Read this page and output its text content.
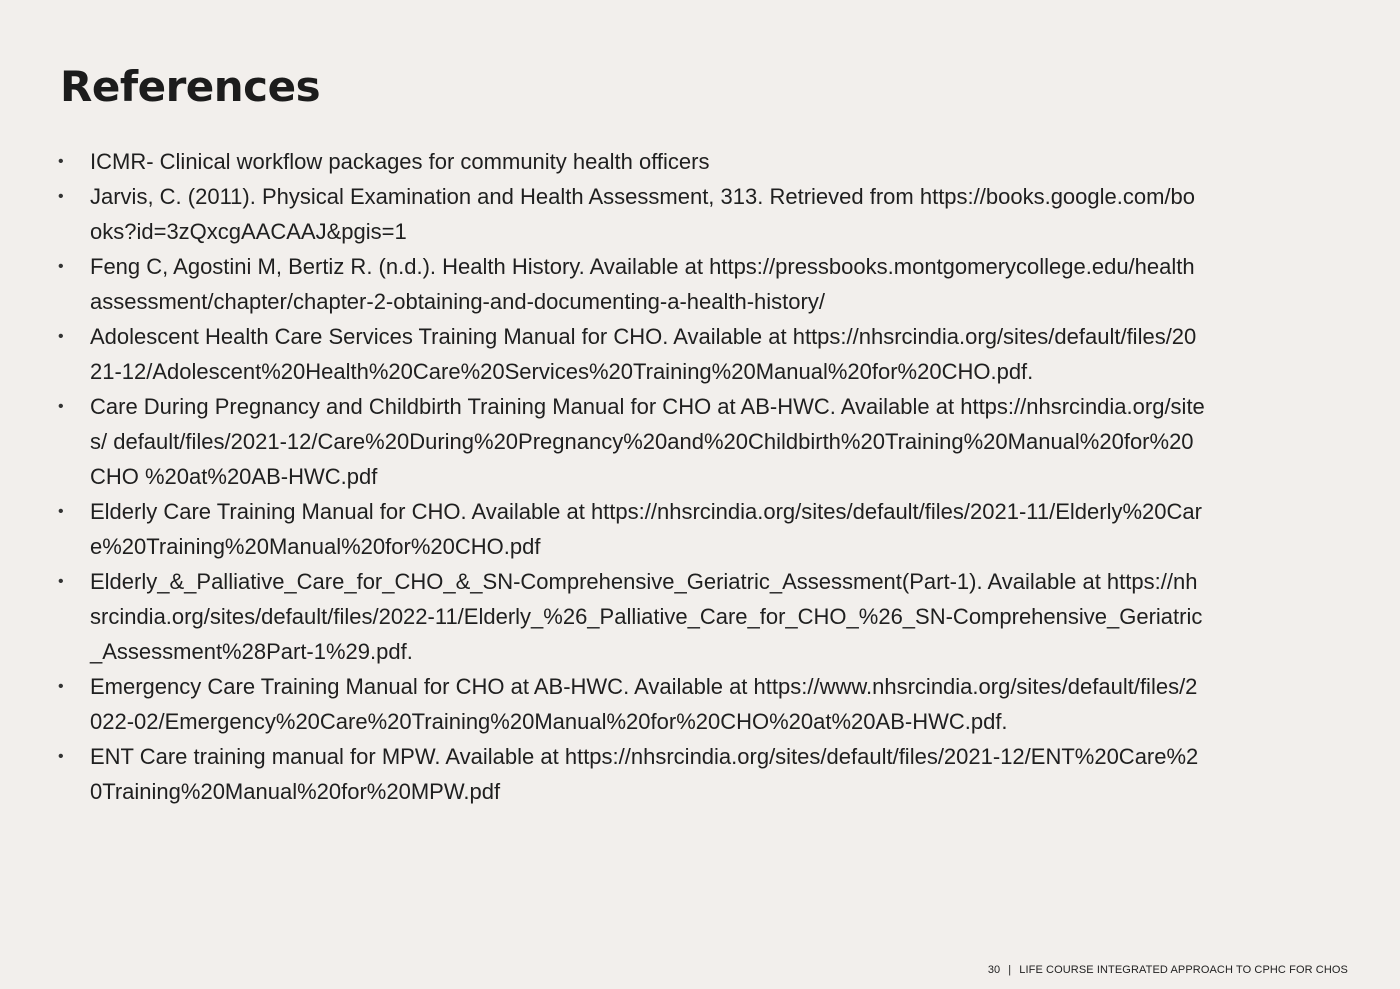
References
• ICMR- Clinical workflow packages for community health officers
• Jarvis, C. (2011). Physical Examination and Health Assessment, 313. Retrieved from https://books.google.com/books?id=3zQxcgAACAAJ&pgis=1
• Feng C, Agostini M, Bertiz R. (n.d.). Health History. Available at https://pressbooks.montgomerycollege.edu/healthassessment/chapter/chapter-2-obtaining-and-documenting-a-health-history/
• Adolescent Health Care Services Training Manual for CHO. Available at https://nhsrcindia.org/sites/default/files/2021-12/Adolescent%20Health%20Care%20Services%20Training%20Manual%20for%20CHO.pdf.
• Care During Pregnancy and Childbirth Training Manual for CHO at AB-HWC. Available at https://nhsrcindia.org/sites/ default/files/2021-12/Care%20During%20Pregnancy%20and%20Childbirth%20Training%20Manual%20for%20CHO %20at%20AB-HWC.pdf
• Elderly Care Training Manual for CHO. Available at https://nhsrcindia.org/sites/default/files/2021-11/Elderly%20Care%20Training%20Manual%20for%20CHO.pdf
• Elderly_&_Palliative_Care_for_CHO_&_SN-Comprehensive_Geriatric_Assessment(Part-1). Available at https://nhsrcindia.org/sites/default/files/2022-11/Elderly_%26_Palliative_Care_for_CHO_%26_SN-Comprehensive_Geriatric_Assessment%28Part-1%29.pdf.
• Emergency Care Training Manual for CHO at AB-HWC. Available at https://www.nhsrcindia.org/sites/default/files/2022-02/Emergency%20Care%20Training%20Manual%20for%20CHO%20at%20AB-HWC.pdf.
• ENT Care training manual for MPW. Available at https://nhsrcindia.org/sites/default/files/2021-12/ENT%20Care%20Training%20Manual%20for%20MPW.pdf
30 | LIFE COURSE INTEGRATED APPROACH TO CPHC FOR CHOS
